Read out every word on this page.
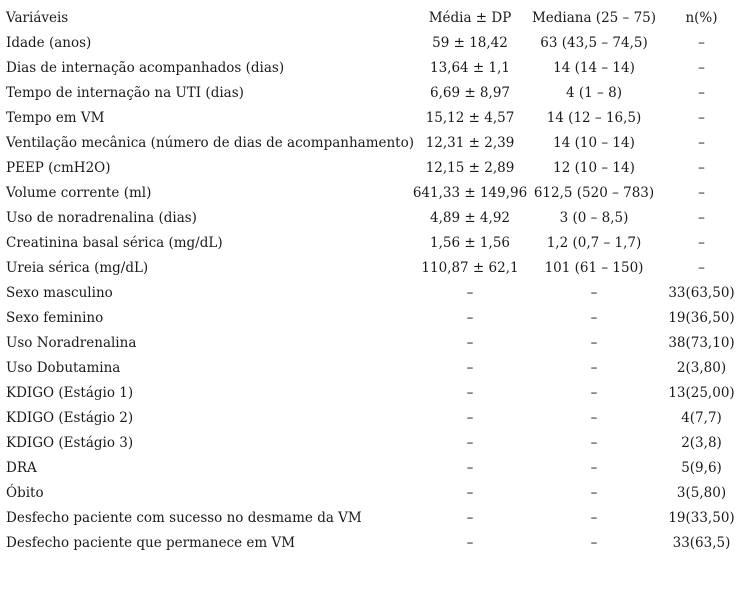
Variáveis	Média ± DP	Mediana (25 – 75)	n(%)
Idade (anos)	59 ± 18,42	63 (43,5 – 74,5)	–
Dias de internação acompanhados (dias)	13,64 ± 1,1	14 (14 – 14)	–
Tempo de internação na UTI (dias)	6,69 ± 8,97	4 (1 – 8)	–
Tempo em VM	15,12 ± 4,57	14 (12 – 16,5)	–
Ventilação mecânica (número de dias de acompanhamento)	12,31 ± 2,39	14 (10 – 14)	–
PEEP (cmH2O)	12,15 ± 2,89	12 (10 – 14)	–
Volume corrente (ml)	641,33 ± 149,96	612,5 (520 – 783)	–
Uso de noradrenalina (dias)	4,89 ± 4,92	3 (0 – 8,5)	–
Creatinina basal sérica (mg/dL)	1,56 ± 1,56	1,2 (0,7 – 1,7)	–
Ureia sérica (mg/dL)	110,87 ± 62,1	101 (61 – 150)	–
Sexo masculino	–	–	33(63,50)
Sexo feminino	–	–	19(36,50)
Uso Noradrenalina	–	–	38(73,10)
Uso Dobutamina	–	–	2(3,80)
KDIGO (Estágio 1)	–	–	13(25,00)
KDIGO (Estágio 2)	–	–	4(7,7)
KDIGO (Estágio 3)	–	–	2(3,8)
DRA	–	–	5(9,6)
Óbito	–	–	3(5,80)
Desfecho paciente com sucesso no desmame da VM	–	–	19(33,50)
Desfecho paciente que permanece em VM	–	–	33(63,5)
